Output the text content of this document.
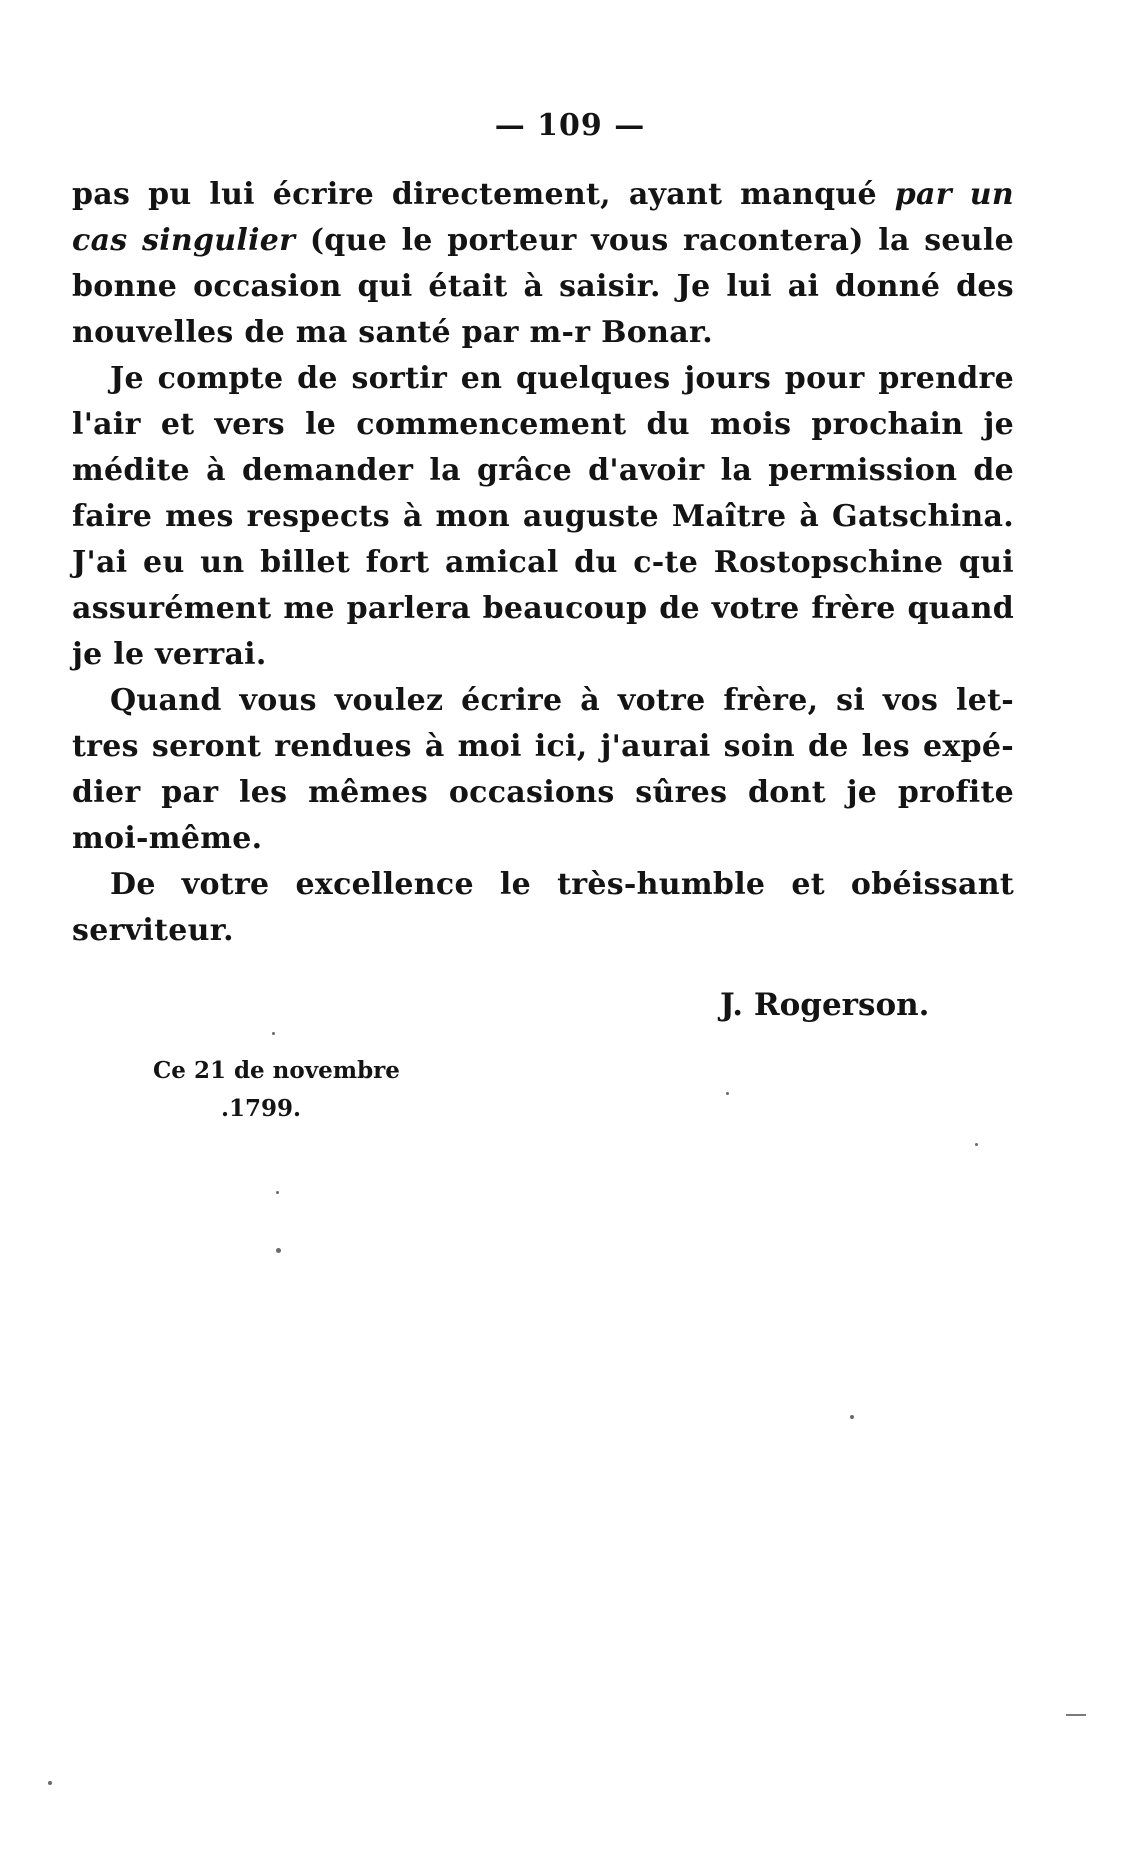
— 109 —
pas pu lui écrire directement, ayant manqué par un
cas singulier (que le porteur vous racontera) la seule
bonne occasion qui était à saisir. Je lui ai donné des
nouvelles de ma santé par m-r Bonar.
Je compte de sortir en quelques jours pour prendre
l'air et vers le commencement du mois prochain je
médite à demander la grâce d'avoir la permission de
faire mes respects à mon auguste Maître à Gatschina.
J'ai eu un billet fort amical du c-te Rostopschine qui
assurément me parlera beaucoup de votre frère quand
je le verrai.
Quand vous voulez écrire à votre frère, si vos let-
tres seront rendues à moi ici, j'aurai soin de les expé-
dier par les mêmes occasions sûres dont je profite
moi-même.
De votre excellence le très-humble et obéissant
serviteur.
J. Rogerson.
Ce 21 de novembre
.1799.
